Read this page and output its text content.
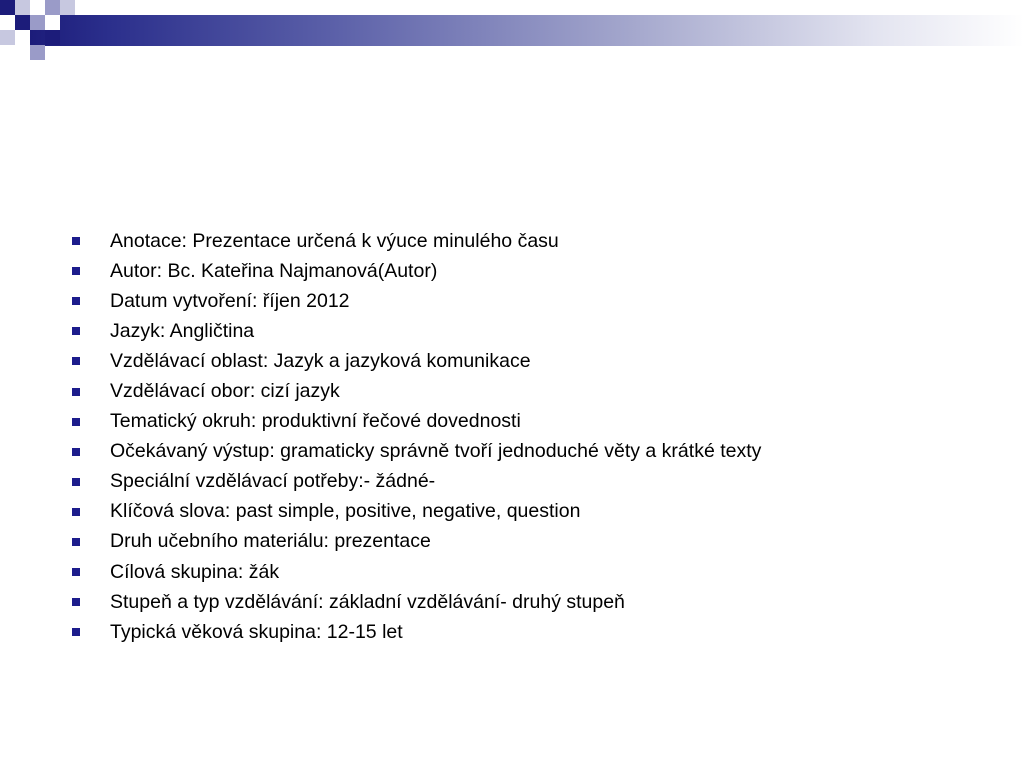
Anotace: Prezentace určená k výuce minulého času
Autor: Bc. Kateřina Najmanová(Autor)
Datum vytvoření: říjen 2012
Jazyk: Angličtina
Vzdělávací oblast: Jazyk a jazyková komunikace
Vzdělávací obor: cizí jazyk
Tematický okruh: produktivní řečové dovednosti
Očekávaný výstup: gramaticky správně tvoří jednoduché věty a krátké texty
Speciální vzdělávací potřeby:- žádné-
Klíčová slova: past simple, positive, negative, question
Druh učebního materiálu: prezentace
Cílová skupina: žák
Stupeň a typ vzdělávání: základní vzdělávání- druhý stupeň
Typická věková skupina: 12-15 let
